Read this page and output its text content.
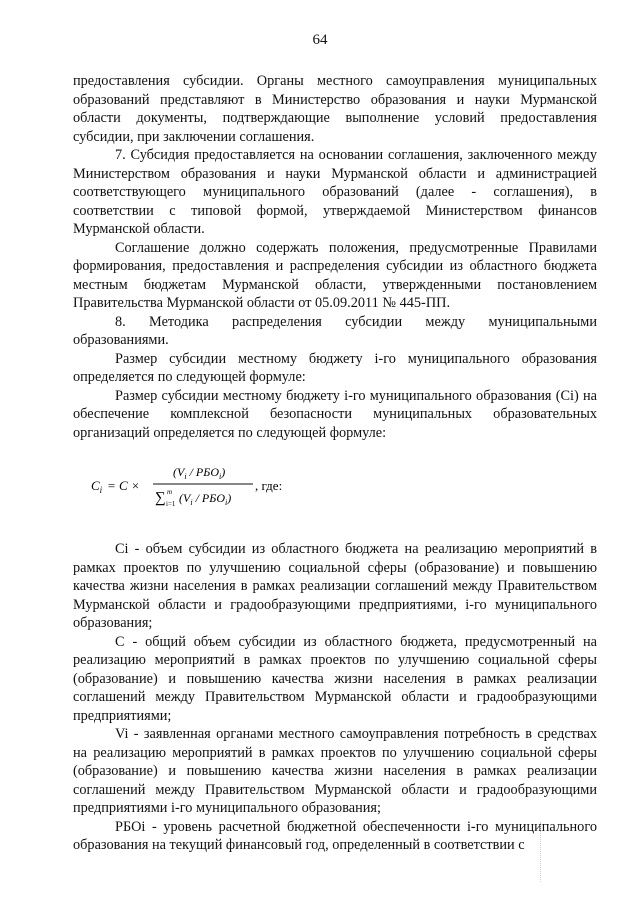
64

предоставления субсидии. Органы местного самоуправления муниципальных образований представляют в Министерство образования и науки Мурманской области документы, подтверждающие выполнение условий предоставления субсидии, при заключении соглашения.

7. Субсидия предоставляется на основании соглашения, заключенного между Министерством образования и науки Мурманской области и администрацией соответствующего муниципального образований (далее - соглашения), в соответствии с типовой формой, утверждаемой Министерством финансов Мурманской области.

Соглашение должно содержать положения, предусмотренные Правилами формирования, предоставления и распределения субсидии из областного бюджета местным бюджетам Мурманской области, утвержденными постановлением Правительства Мурманской области от 05.09.2011 № 445-ПП.

8. Методика распределения субсидии между муниципальными образованиями.

Размер субсидии местному бюджету i-го муниципального образования определяется по следующей формуле:

Размер субсидии местному бюджету i-го муниципального образования (Ci) на обеспечение комплексной безопасности муниципальных образовательных организаций определяется по следующей формуле:

$C_i = C$ ×
$(V_i / РБО_i)$
∑ m
i=1 $(V_i / РБО_i)$
, где:

Ci - объем субсидии из областного бюджета на реализацию мероприятий в рамках проектов по улучшению социальной сферы (образование) и повышению качества жизни населения в рамках реализации соглашений между Правительством Мурманской области и градообразующими предприятиями, i-го муниципального образования;

С - общий объем субсидии из областного бюджета, предусмотренный на реализацию мероприятий в рамках проектов по улучшению социальной сферы (образование) и повышению качества жизни населения в рамках реализации соглашений между Правительством Мурманской области и градообразующими предприятиями;

Vi - заявленная органами местного самоуправления потребность в средствах на реализацию мероприятий в рамках проектов по улучшению социальной сферы (образование) и повышению качества жизни населения в рамках реализации соглашений между Правительством Мурманской области и градообразующими предприятиями i-го муниципального образования;

РБОi - уровень расчетной бюджетной обеспеченности i-го муниципального образования на текущий финансовый год, определенный в соответствии с
